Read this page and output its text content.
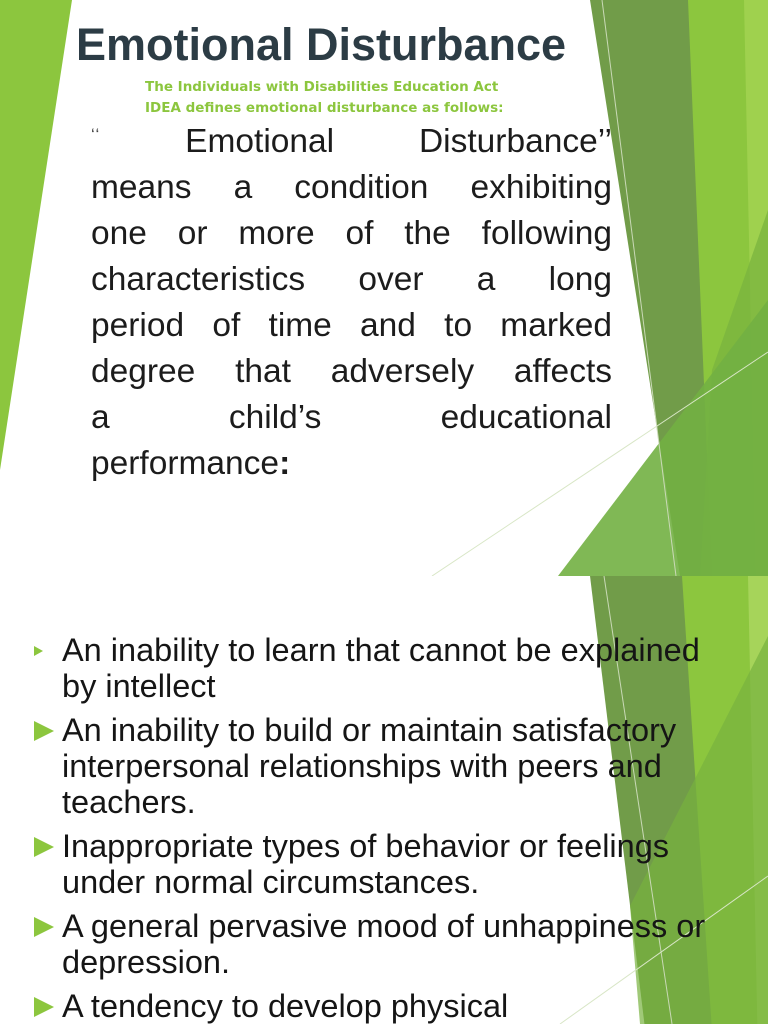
Emotional Disturbance
The Individuals with Disabilities Education Act
IDEA defines emotional disturbance as follows:
‘‘	Emotional Disturbance’’
means a condition exhibiting
one or more of the following
characteristics over a long
period of time and to marked
degree that adversely affects
a child’s educational
performance:
An inability to learn that cannot be explained by intellect
An inability to build or maintain satisfactory interpersonal relationships with peers and teachers.
Inappropriate types of behavior or feelings under normal circumstances.
A general pervasive mood of unhappiness or depression.
A tendency to develop physical
